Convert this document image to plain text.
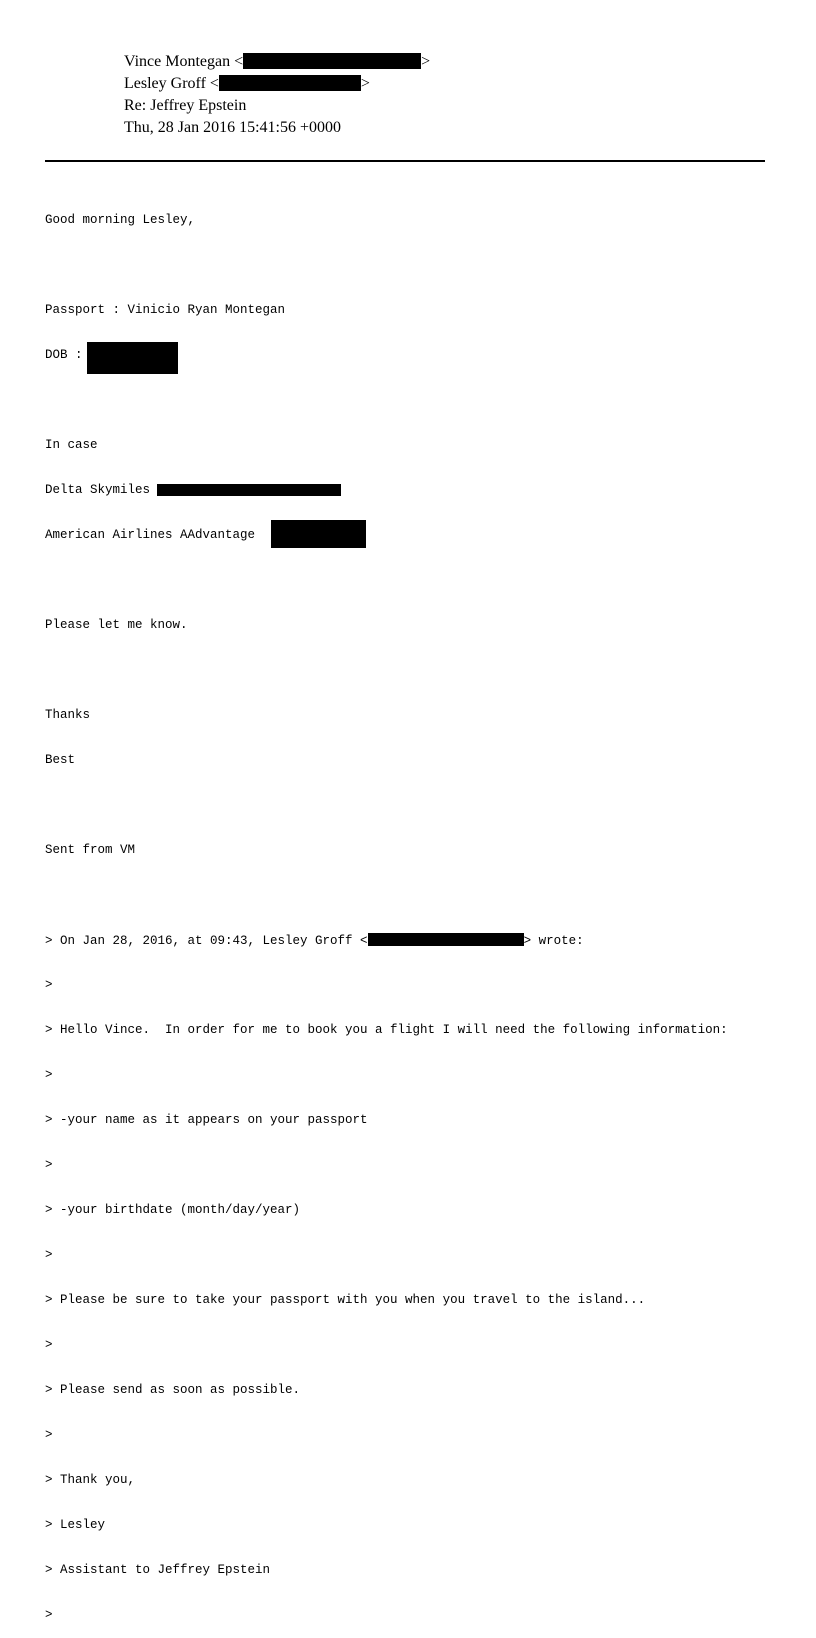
Vince Montegan <	>
Lesley Groff <	>
Re: Jeffrey Epstein
Thu, 28 Jan 2016 15:41:56 +0000

Good morning Lesley,

Passport : Vinicio Ryan Montegan

DOB :

In case

Delta Skymiles

American Airlines AAdvantage

Please let me know.

Thanks

Best

Sent from VM

> On Jan 28, 2016, at 09:43, Lesley Groff <	> wrote:

>

> Hello Vince.  In order for me to book you a flight I will need the following information:

>

> -your name as it appears on your passport

>

> -your birthdate (month/day/year)

>

> Please be sure to take your passport with you when you travel to the island...

>

> Please send as soon as possible.

>

> Thank you,

> Lesley

> Assistant to Jeffrey Epstein

>
